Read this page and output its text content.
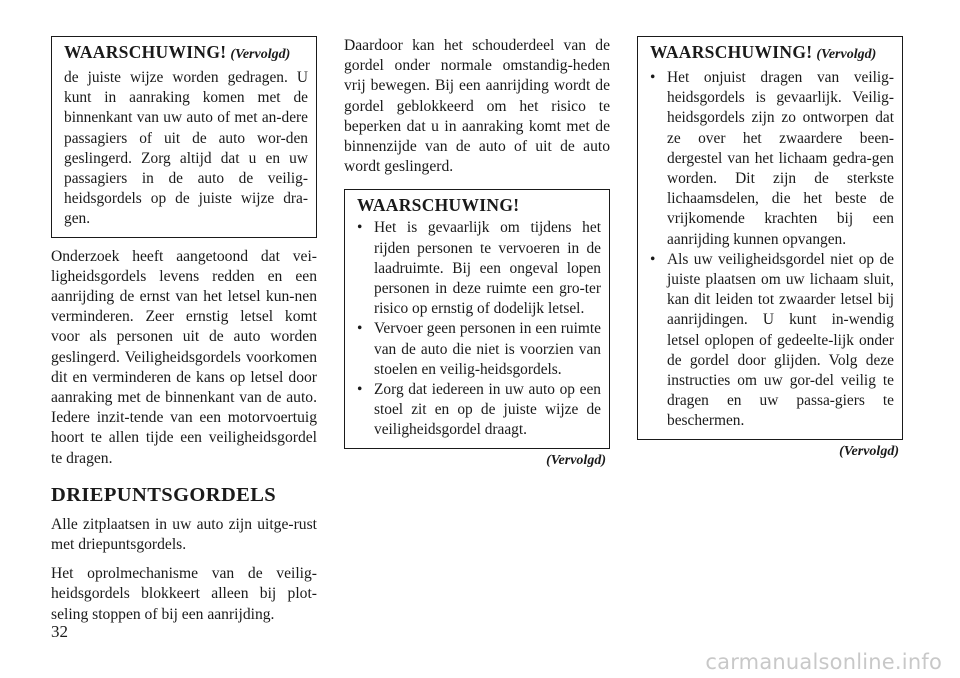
WAARSCHUWING! (Vervolgd)

de juiste wijze worden gedragen. U kunt in aanraking komen met de binnenkant van uw auto of met an-dere passagiers of uit de auto wor-den geslingerd. Zorg altijd dat u en uw passagiers in de auto de veilig-heidsgordels op de juiste wijze dra-gen.

Onderzoek heeft aangetoond dat vei-ligheidsgordels levens redden en een aanrijding de ernst van het letsel kun-nen verminderen. Zeer ernstig letsel komt voor als personen uit de auto worden geslingerd. Veiligheidsgordels voorkomen dit en verminderen de kans op letsel door aanraking met de binnenkant van de auto. Iedere inzit-tende van een motorvoertuig hoort te allen tijde een veiligheidsgordel te dragen.

DRIEPUNTSGORDELS

Alle zitplaatsen in uw auto zijn uitge-rust met driepuntsgordels.

Het oprolmechanisme van de veilig-heidsgordels blokkeert alleen bij plot-seling stoppen of bij een aanrijding.

Daardoor kan het schouderdeel van de gordel onder normale omstandig-heden vrij bewegen. Bij een aanrijding wordt de gordel geblokkeerd om het risico te beperken dat u in aanraking komt met de binnenzijde van de auto of uit de auto wordt geslingerd.

WAARSCHUWING!
• Het is gevaarlijk om tijdens het rijden personen te vervoeren in de laadruimte. Bij een ongeval lopen personen in deze ruimte een gro-ter risico op ernstig of dodelijk letsel.
• Vervoer geen personen in een ruimte van de auto die niet is voorzien van stoelen en veilig-heidsgordels.
• Zorg dat iedereen in uw auto op een stoel zit en op de juiste wijze de veiligheidsgordel draagt.
(Vervolgd)
WAARSCHUWING! (Vervolgd)
• Het onjuist dragen van veilig-heidsgordels is gevaarlijk. Veilig-heidsgordels zijn zo ontworpen dat ze over het zwaardere been-dergestel van het lichaam gedra-gen worden. Dit zijn de sterkste lichaamsdelen, die het beste de vrijkomende krachten bij een aanrijding kunnen opvangen.
• Als uw veiligheidsgordel niet op de juiste plaatsen om uw lichaam sluit, kan dit leiden tot zwaarder letsel bij aanrijdingen. U kunt in-wendig letsel oplopen of gedeelte-lijk onder de gordel door glijden. Volg deze instructies om uw gor-del veilig te dragen en uw passa-giers te beschermen.
(Vervolgd)
32
carmanualsonline.info
